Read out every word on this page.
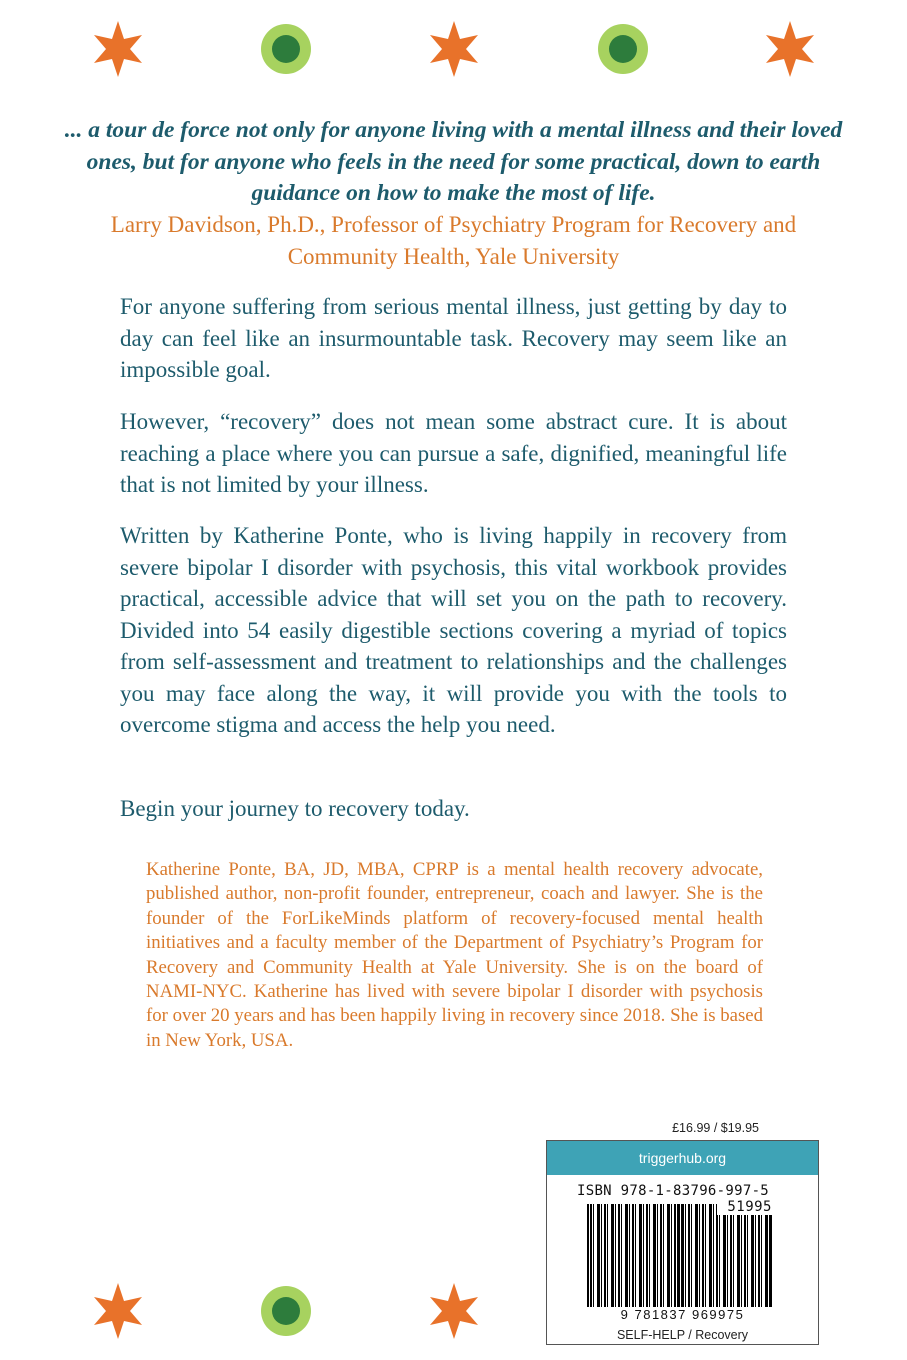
... a tour de force not only for anyone living with a mental illness and their loved ones, but for anyone who feels in the need for some practical, down to earth guidance on how to make the most of life.

Larry Davidson, Ph.D., Professor of Psychiatry Program for Recovery and Community Health, Yale University

For anyone suffering from serious mental illness, just getting by day to day can feel like an insurmountable task. Recovery may seem like an impossible goal.

However, “recovery” does not mean some abstract cure. It is about reaching a place where you can pursue a safe, dignified, meaningful life that is not limited by your illness.

Written by Katherine Ponte, who is living happily in recovery from severe bipolar I disorder with psychosis, this vital workbook provides practical, accessible advice that will set you on the path to recovery. Divided into 54 easily digestible sections covering a myriad of topics from self-assessment and treatment to relationships and the challenges you may face along the way, it will provide you with the tools to overcome stigma and access the help you need.

Begin your journey to recovery today.

Katherine Ponte, BA, JD, MBA, CPRP is a mental health recovery advocate, published author, non-profit founder, entrepreneur, coach and lawyer. She is the founder of the ForLikeMinds platform of recovery-focused mental health initiatives and a faculty member of the Department of Psychiatry’s Program for Recovery and Community Health at Yale University. She is on the board of NAMI-NYC. Katherine has lived with severe bipolar I disorder with psychosis for over 20 years and has been happily living in recovery since 2018. She is based in New York, USA.

£16.99 / $19.95

triggerhub.org

ISBN 978-1-83796-997-5

51995

9 781837 969975

SELF-HELP / Recovery
